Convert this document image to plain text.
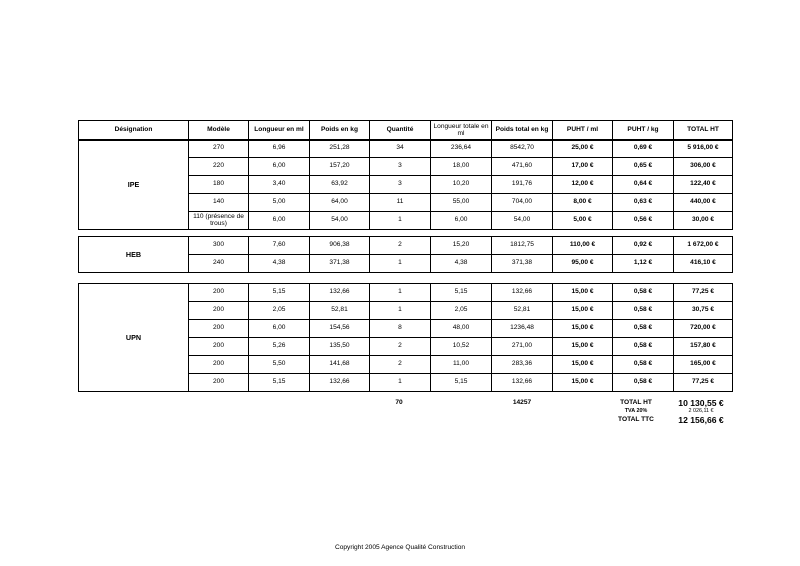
Désignation	Modèle	Longueur en ml	Poids en kg	Quantité	Longueur totale en ml	Poids total en kg	PUHT / ml	PUHT / kg	TOTAL HT
IPE	270	6,96	251,28	34	236,64	8542,70	25,00 €	0,69 €	5 916,00 €
	220	6,00	157,20	3	18,00	471,60	17,00 €	0,65 €	306,00 €
	180	3,40	63,92	3	10,20	191,76	12,00 €	0,64 €	122,40 €
	140	5,00	64,00	11	55,00	704,00	8,00 €	0,63 €	440,00 €
	110 (présence de trous)	6,00	54,00	1	6,00	54,00	5,00 €	0,56 €	30,00 €
HEB	300	7,60	906,38	2	15,20	1812,75	110,00 €	0,92 €	1 672,00 €
	240	4,38	371,38	1	4,38	371,38	95,00 €	1,12 €	416,10 €
UPN	200	5,15	132,66	1	5,15	132,66	15,00 €	0,58 €	77,25 €
	200	2,05	52,81	1	2,05	52,81	15,00 €	0,58 €	30,75 €
	200	6,00	154,56	8	48,00	1236,48	15,00 €	0,58 €	720,00 €
	200	5,26	135,50	2	10,52	271,00	15,00 €	0,58 €	157,80 €
	200	5,50	141,68	2	11,00	283,36	15,00 €	0,58 €	165,00 €
	200	5,15	132,66	1	5,15	132,66	15,00 €	0,58 €	77,25 €
70	14257	TOTAL HT	10 130,55 €
TVA 20%	2 026,11 €
TOTAL TTC	12 156,66 €
Copyright 2005 Agence Qualité Construction
